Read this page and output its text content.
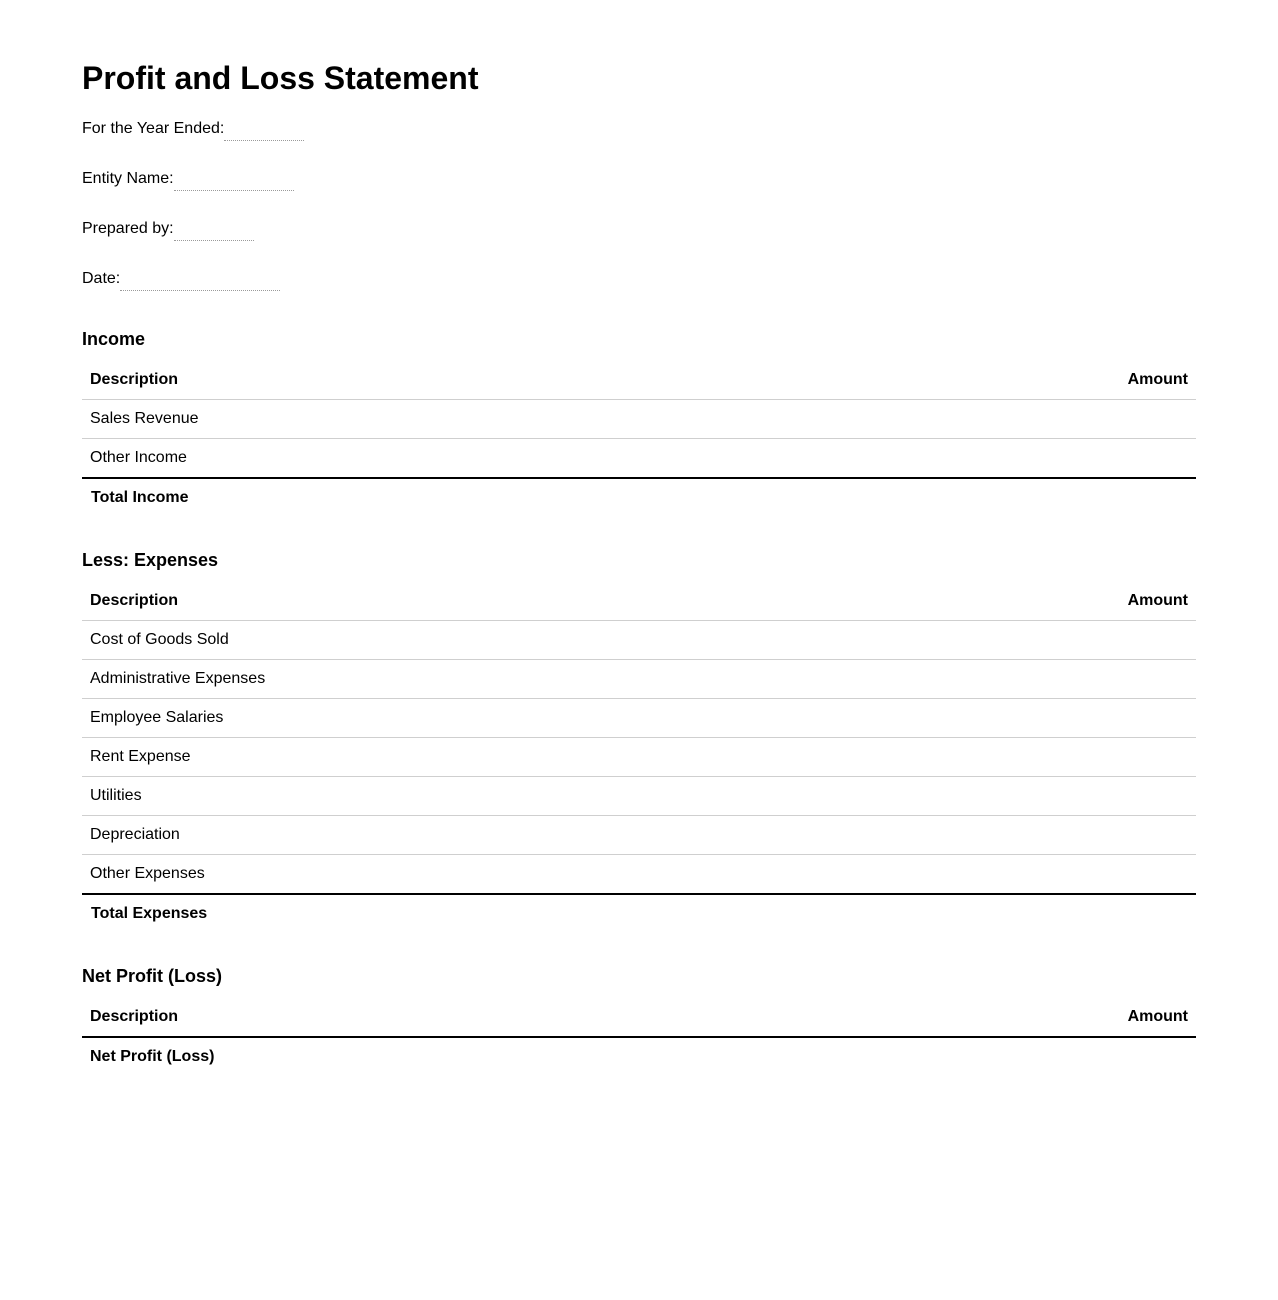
Profit and Loss Statement
For the Year Ended:
Entity Name:
Prepared by:
Date:
Income
Description	Amount
Sales Revenue	
Other Income	
Total Income	
Less: Expenses
Description	Amount
Cost of Goods Sold	
Administrative Expenses	
Employee Salaries	
Rent Expense	
Utilities	
Depreciation	
Other Expenses	
Total Expenses	
Net Profit (Loss)
Description	Amount
Net Profit (Loss)	
